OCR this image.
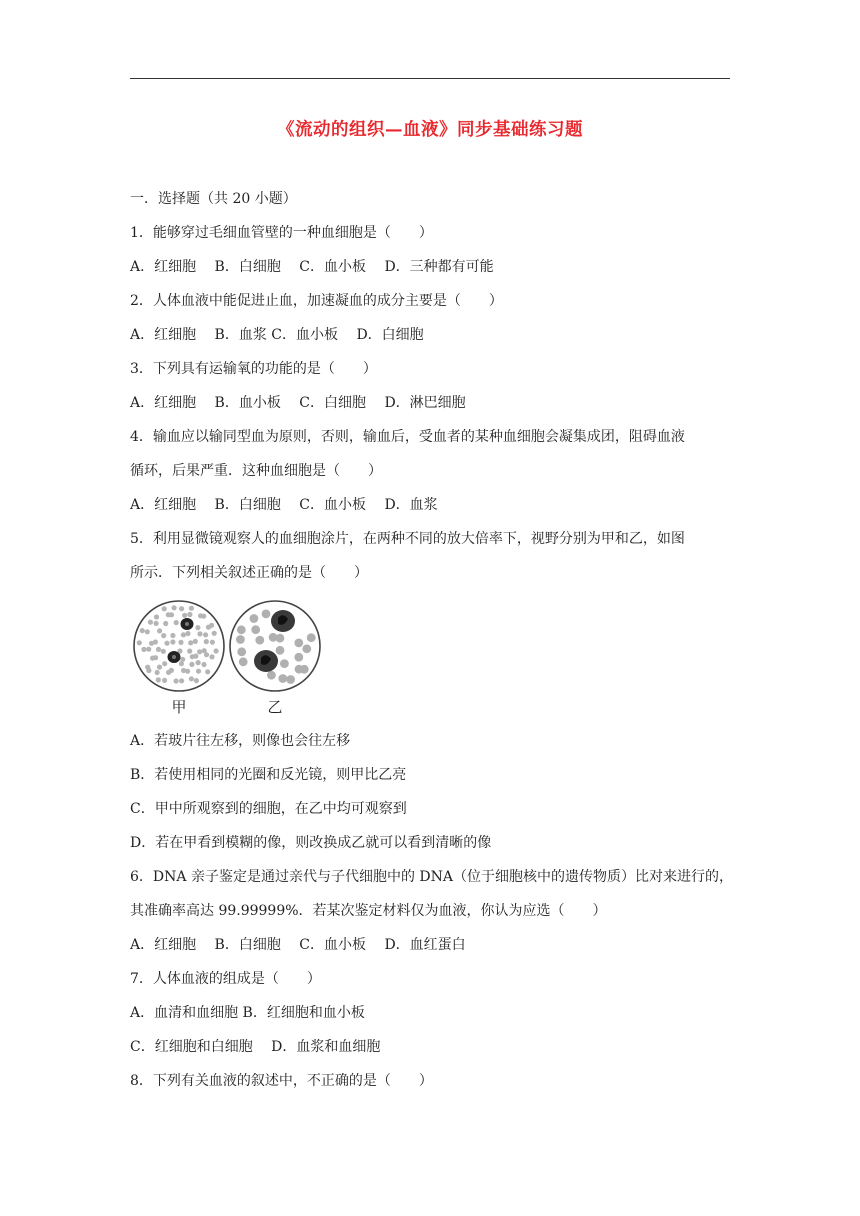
《流动的组织—血液》同步基础练习题
一．选择题（共 20 小题）
1．能够穿过毛细血管壁的一种血细胞是（　　）
A．红细胞　 B．白细胞　 C．血小板　 D．三种都有可能
2．人体血液中能促进止血，加速凝血的成分主要是（　　）
A．红细胞　 B．血浆 C．血小板　 D．白细胞
3．下列具有运输氧的功能的是（　　）
A．红细胞　 B．血小板　 C．白细胞　 D．淋巴细胞
4．输血应以输同型血为原则，否则，输血后，受血者的某种血细胞会凝集成团，阻碍血液
循环，后果严重．这种血细胞是（　　）
A．红细胞　 B．白细胞　 C．血小板　 D．血浆
5．利用显微镜观察人的血细胞涂片，在两种不同的放大倍率下，视野分别为甲和乙，如图
所示．下列相关叙述正确的是（　　）
甲	乙
A．若玻片往左移，则像也会往左移
B．若使用相同的光圈和反光镜，则甲比乙亮
C．甲中所观察到的细胞，在乙中均可观察到
D．若在甲看到模糊的像，则改换成乙就可以看到清晰的像
6．DNA 亲子鉴定是通过亲代与子代细胞中的 DNA（位于细胞核中的遗传物质）比对来进行的，
其准确率高达 99.99999%．若某次鉴定材料仅为血液，你认为应选（　　）
A．红细胞　 B．白细胞　 C．血小板　 D．血红蛋白
7．人体血液的组成是（　　）
A．血清和血细胞 B．红细胞和血小板
C．红细胞和白细胞　 D．血浆和血细胞
8．下列有关血液的叙述中，不正确的是（　　）
